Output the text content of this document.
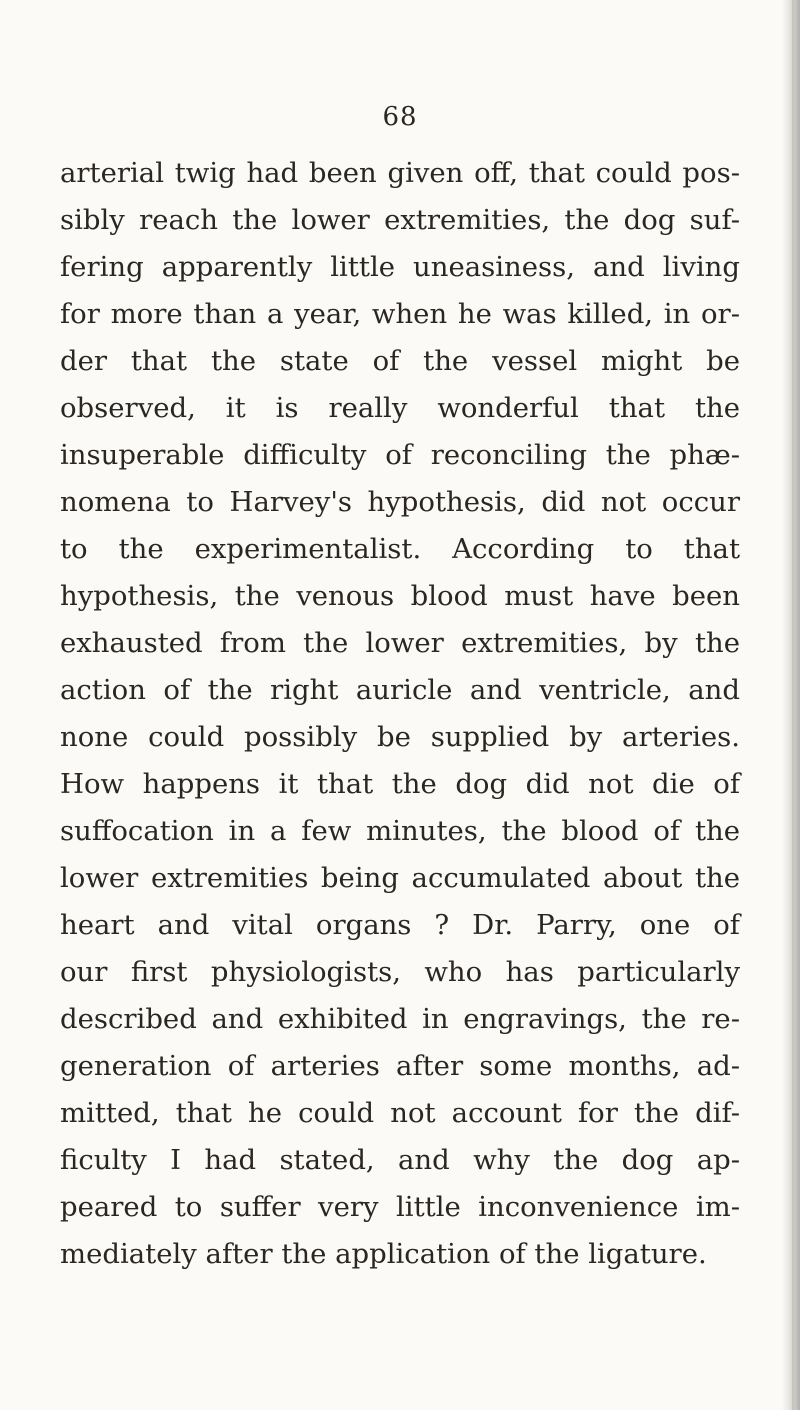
68
arterial twig had been given off, that could pos-
sibly reach the lower extremities, the dog suf-
fering apparently little uneasiness, and living
for more than a year, when he was killed, in or-
der that the state of the vessel might be
observed, it is really wonderful that the
insuperable difficulty of reconciling the phæ-
nomena to Harvey's hypothesis, did not occur
to the experimentalist. According to that
hypothesis, the venous blood must have been
exhausted from the lower extremities, by the
action of the right auricle and ventricle, and
none could possibly be supplied by arteries.
How happens it that the dog did not die of
suffocation in a few minutes, the blood of the
lower extremities being accumulated about the
heart and vital organs ? Dr. Parry, one of
our first physiologists, who has particularly
described and exhibited in engravings, the re-
generation of arteries after some months, ad-
mitted, that he could not account for the dif-
ficulty I had stated, and why the dog ap-
peared to suffer very little inconvenience im-
mediately after the application of the ligature.
